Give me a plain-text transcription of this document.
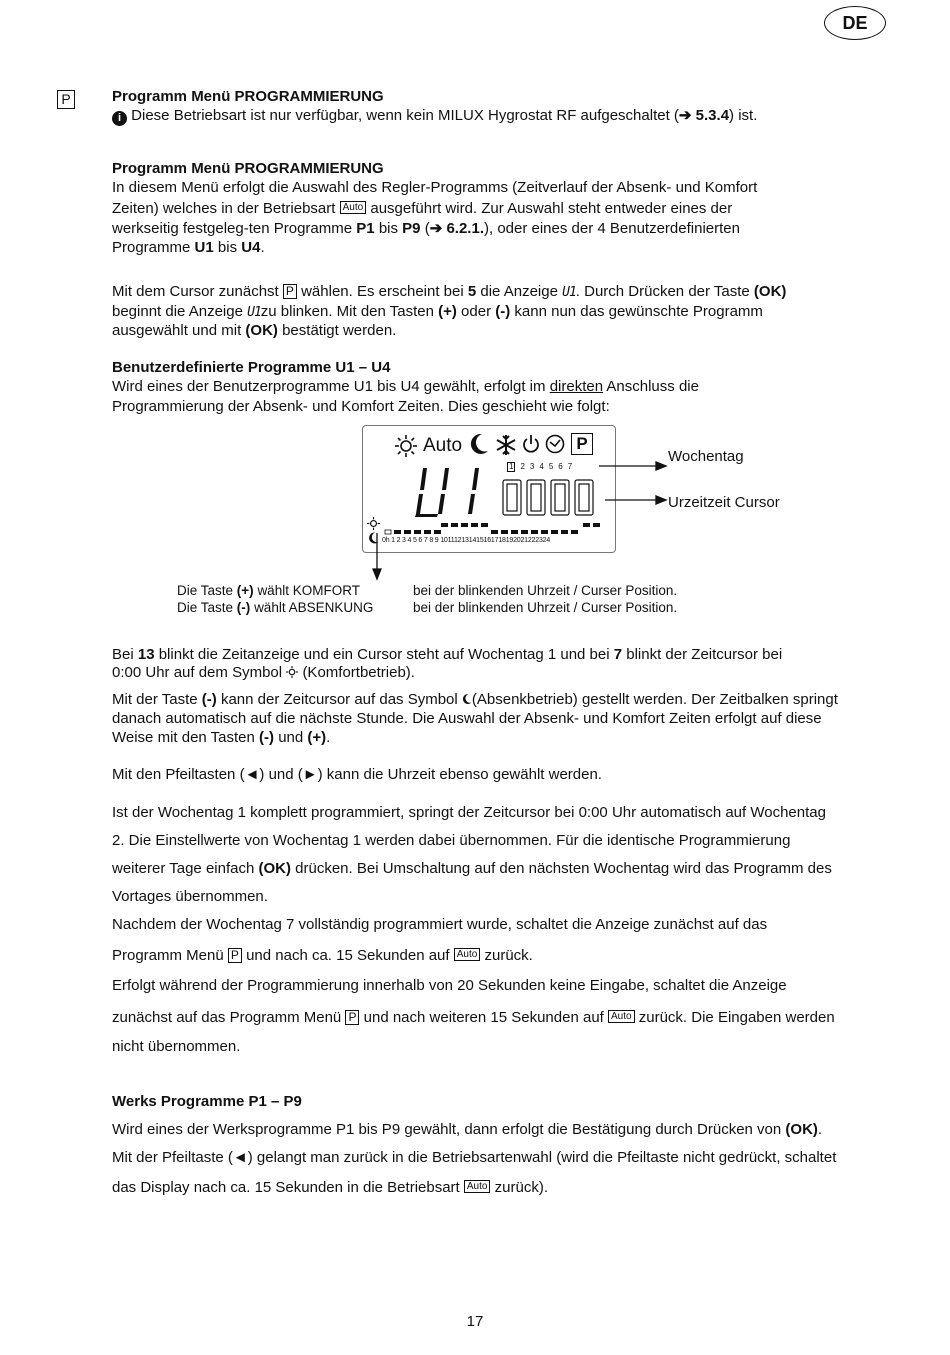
DE
P	Programm Menü PROGRAMMIERUNG
i Diese Betriebsart ist nur verfügbar, wenn kein MILUX Hygrostat RF aufgeschaltet (➔ 5.3.4) ist.
Programm Menü PROGRAMMIERUNG
In diesem Menü erfolgt die Auswahl des Regler-Programms (Zeitverlauf der Absenk- und Komfort
Zeiten) welches in der Betriebsart Auto ausgeführt wird. Zur Auswahl steht entweder eines der
werkseitig festgeleg-ten Programme P1 bis P9 (➔ 6.2.1.), oder eines der 4 Benutzerdefinierten
Programme U1 bis U4.
Mit dem Cursor zunächst P wählen. Es erscheint bei 5 die Anzeige U1. Durch Drücken der Taste (OK)
beginnt die Anzeige U1zu blinken. Mit den Tasten (+) oder (-) kann nun das gewünschte Programm
ausgewählt und mit (OK) bestätigt werden.
Benutzerdefinierte Programme U1 – U4
Wird eines der Benutzerprogramme U1 bis U4 gewählt, erfolgt im direkten Anschluss die
Programmierung der Absenk- und Komfort Zeiten. Dies geschieht wie folgt:
Auto	P
1 2 3 4 5 6 7
0h 1 2 3 4 5 6 7 8 9 101112131415161718192021222324
Wochentag
Urzeitzeit Cursor
Die Taste (+) wählt KOMFORT	bei der blinkenden Uhrzeit / Curser Position.
Die Taste (-) wählt ABSENKUNG	bei der blinkenden Uhrzeit / Curser Position.
Bei 13 blinkt die Zeitanzeige und ein Cursor steht auf Wochentag 1 und bei 7 blinkt der Zeitcursor bei
0:00 Uhr auf dem Symbol (Komfortbetrieb).
Mit der Taste (-) kann der Zeitcursor auf das Symbol (Absenkbetrieb) gestellt werden. Der Zeitbalken springt
danach automatisch auf die nächste Stunde. Die Auswahl der Absenk- und Komfort Zeiten erfolgt auf diese
Weise mit den Tasten (-) und (+).
Mit den Pfeiltasten (◄) und (►) kann die Uhrzeit ebenso gewählt werden.
Ist der Wochentag 1 komplett programmiert, springt der Zeitcursor bei 0:00 Uhr automatisch auf Wochentag
2. Die Einstellwerte von Wochentag 1 werden dabei übernommen. Für die identische Programmierung
weiterer Tage einfach (OK) drücken. Bei Umschaltung auf den nächsten Wochentag wird das Programm des
Vortages übernommen.
Nachdem der Wochentag 7 vollständig programmiert wurde, schaltet die Anzeige zunächst auf das
Programm Menü P und nach ca. 15 Sekunden auf Auto zurück.
Erfolgt während der Programmierung innerhalb von 20 Sekunden keine Eingabe, schaltet die Anzeige
zunächst auf das Programm Menü P und nach weiteren 15 Sekunden auf Auto zurück. Die Eingaben werden
nicht übernommen.
Werks Programme P1 – P9
Wird eines der Werksprogramme P1 bis P9 gewählt, dann erfolgt die Bestätigung durch Drücken von (OK).
Mit der Pfeiltaste (◄) gelangt man zurück in die Betriebsartenwahl (wird die Pfeiltaste nicht gedrückt, schaltet
das Display nach ca. 15 Sekunden in die Betriebsart Auto zurück).
17
